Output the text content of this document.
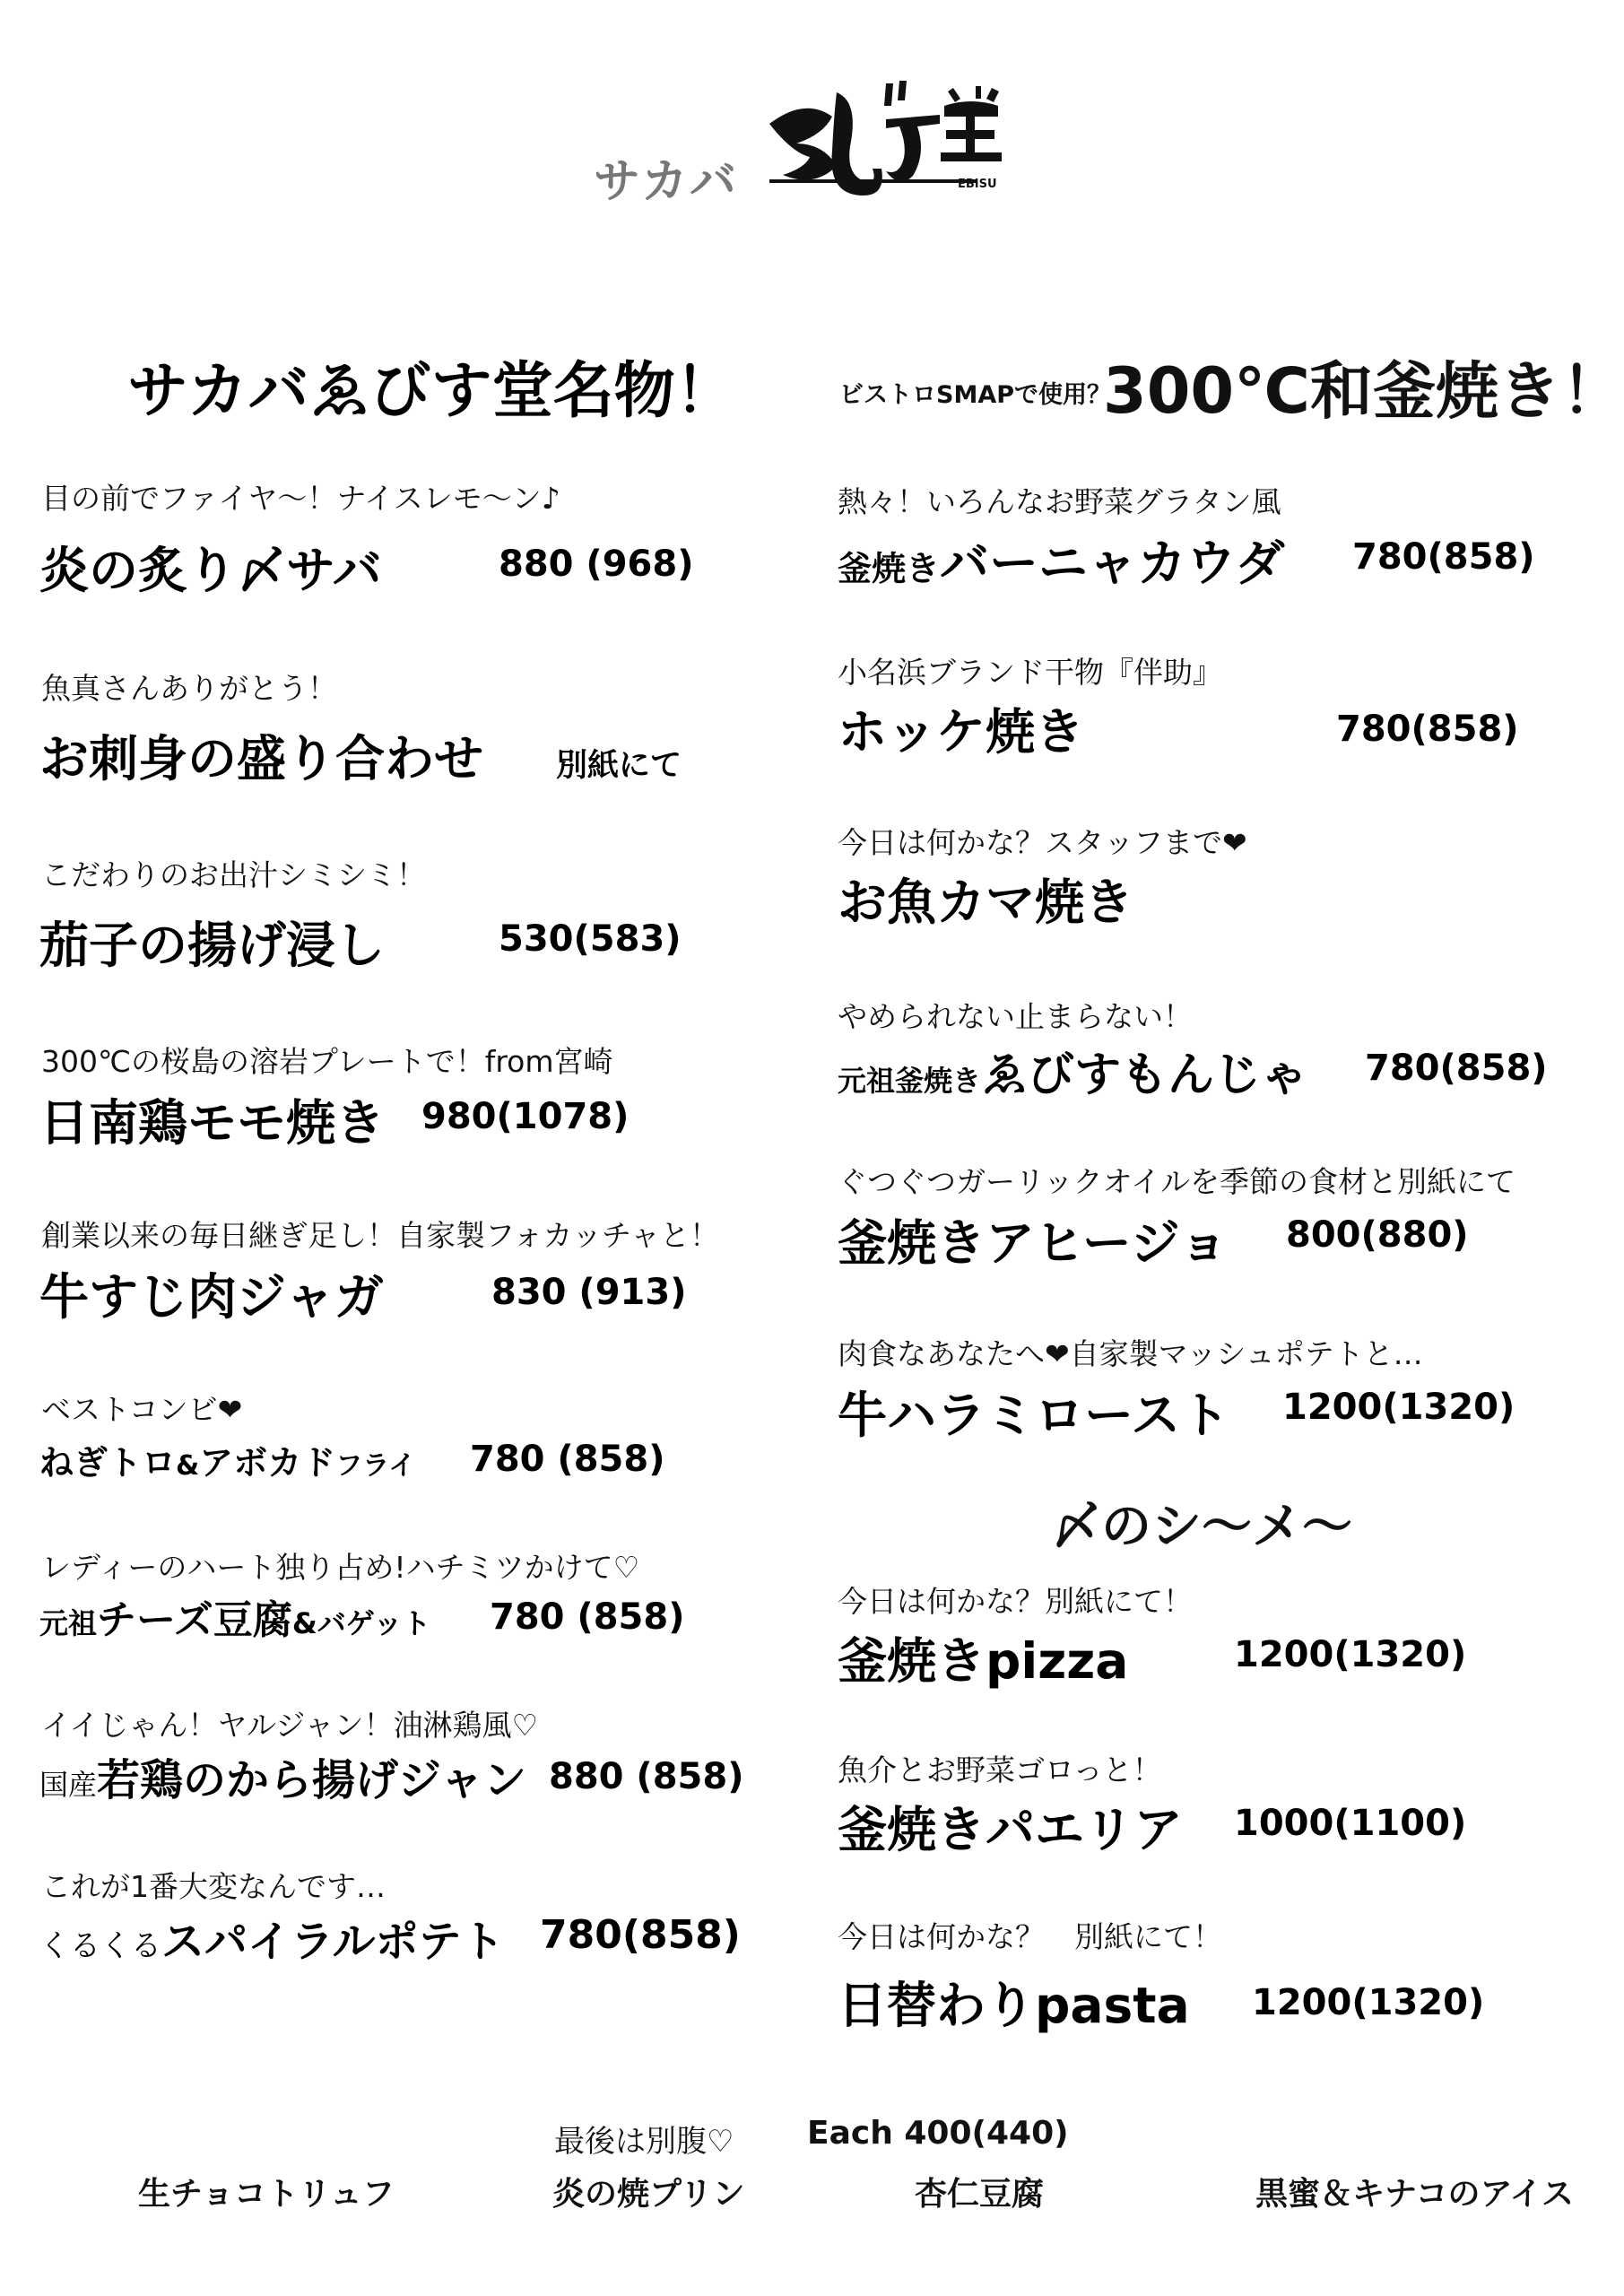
サカバ	EBISU
サカバゑびす堂名物！
目の前でファイヤ〜！ナイスレモ〜ン♪
炎の炙り〆サバ	880 (968)
魚真さんありがとう！
お刺身の盛り合わせ 別紙にて
こだわりのお出汁シミシミ！
茄子の揚げ浸し	530(583)
300℃の桜島の溶岩プレートで！from宮崎
日南鶏モモ焼き 980(1078)
創業以来の毎日継ぎ足し！自家製フォカッチャと！
牛すじ肉ジャガ	830 (913)
ベストコンビ❤
ねぎトロ&アボカドフライ 780 (858)
レディーのハート独り占め!ハチミツかけて♡
元祖チーズ豆腐&バゲット 780 (858)
イイじゃん！ヤルジャン！油淋鶏風♡
国産若鶏のから揚げジャン 880 (858)
これが1番大変なんです…
くるくるスパイラルポテト 780(858)
ビストロSMAPで使用？
300℃和釜焼き！
熱々！いろんなお野菜グラタン風
釜焼きバーニャカウダ 780(858)
小名浜ブランド干物『伴助』
ホッケ焼き	780(858)
今日は何かな？スタッフまで❤
お魚カマ焼き
やめられない止まらない！
元祖釜焼きゑびすもんじゃ 780(858)
ぐつぐつガーリックオイルを季節の食材と別紙にて
釜焼きアヒージョ 800(880)
肉食なあなたへ❤自家製マッシュポテトと…
牛ハラミロースト 1200(1320)
〆のシ〜メ〜
今日は何かな？別紙にて！
釜焼きpizza	1200(1320)
魚介とお野菜ゴロっと！
釜焼きパエリア 1000(1100)
今日は何かな？　別紙にて！
日替わりpasta 1200(1320)
最後は別腹♡ Each 400(440)
生チョコトリュフ	炎の焼プリン	杏仁豆腐	黒蜜＆キナコのアイス
